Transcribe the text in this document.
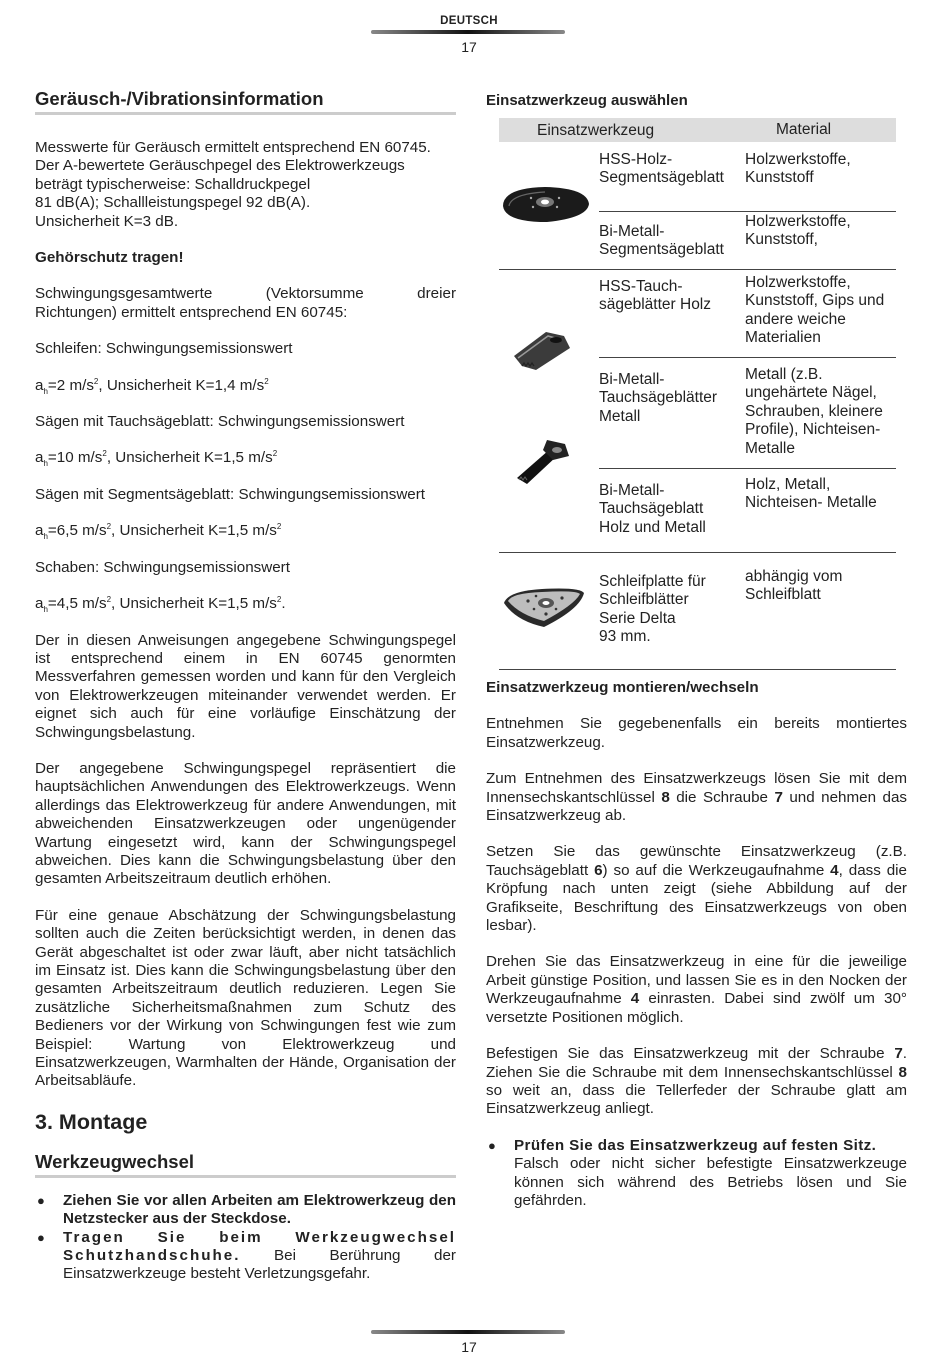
DEUTSCH
17
Geräusch-/Vibrationsinformation
Messwerte für Geräusch ermittelt entsprechend EN 60745.
Der A-bewertete Geräuschpegel des Elektrowerkzeugs
beträgt typischerweise: Schalldruckpegel
81 dB(A); Schallleistungspegel 92 dB(A).
Unsicherheit K=3 dB.
Gehörschutz tragen!
Schwingungsgesamtwerte (Vektorsumme dreier
Richtungen) ermittelt entsprechend EN 60745:
Schleifen: Schwingungsemissionswert
$a_h=2$ $m/s^2$, Unsicherheit K=1,4 $m/s^2$
Sägen mit Tauchsägeblatt: Schwingungsemissionswert
$a_h=10$ $m/s^2$, Unsicherheit K=1,5 $m/s^2$
Sägen mit Segmentsägeblatt: Schwingungsemissionswert
$a_h=6,5$ $m/s^2$, Unsicherheit K=1,5 $m/s^2$
Schaben: Schwingungsemissionswert
$a_h=4,5$ $m/s^2$, Unsicherheit K=1,5 $m/s^2$.

Der in diesen Anweisungen angegebene Schwingungspegel ist entsprechend einem in EN 60745 genormten Messverfahren gemessen worden und kann für den Vergleich von Elektrowerkzeugen miteinander verwendet werden. Er eignet sich auch für eine vorläufige Einschätzung der Schwingungsbelastung.

Der angegebene Schwingungspegel repräsentiert die hauptsächlichen Anwendungen des Elektrowerkzeugs. Wenn allerdings das Elektrowerkzeug für andere Anwendungen, mit abweichenden Einsatzwerkzeugen oder ungenügender Wartung eingesetzt wird, kann der Schwingungspegel abweichen. Dies kann die Schwingungsbelastung über den gesamten Arbeitszeitraum deutlich erhöhen.

Für eine genaue Abschätzung der Schwingungsbelastung sollten auch die Zeiten berücksichtigt werden, in denen das Gerät abgeschaltet ist oder zwar läuft, aber nicht tatsächlich im Einsatz ist. Dies kann die Schwingungsbelastung über den gesamten Arbeitszeitraum deutlich reduzieren. Legen Sie zusätzliche Sicherheitsmaßnahmen zum Schutz des Bedieners vor der Wirkung von Schwingungen fest wie zum Beispiel: Wartung von Elektrowerkzeug und Einsatzwerkzeugen, Warmhalten der Hände, Organisation der Arbeitsabläufe.

3. Montage
Werkzeugwechsel
● Ziehen Sie vor allen Arbeiten am Elektrowerkzeug den Netzstecker aus der Steckdose.
● Tragen Sie beim Werkzeugwechsel Schutzhandschuhe. Bei Berührung der Einsatzwerkzeuge besteht Verletzungsgefahr.
Einsatzwerkzeug auswählen
Einsatzwerkzeug	Material
HSS-Holz-
Segmentsägeblatt
Holzwerkstoffe,
Kunststoff
Bi-Metall-
Segmentsägeblatt
Holzwerkstoffe,
Kunststoff,
HSS-Tauch-
sägeblätter Holz
Holzwerkstoffe,
Kunststoff, Gips und
andere weiche
Materialien
Bi-Metall-
Tauchsägeblätter
Metall
Metall (z.B.
ungehärtete Nägel,
Schrauben, kleinere
Profile), Nichteisen-
Metalle
Bi-Metall-
Tauchsägeblatt
Holz und Metall
Holz, Metall,
Nichteisen- Metalle
Schleifplatte für
Schleifblätter
Serie Delta
93 mm.
abhängig vom
Schleifblatt
Einsatzwerkzeug montieren/wechseln

Entnehmen Sie gegebenenfalls ein bereits montiertes Einsatzwerkzeug.

Zum Entnehmen des Einsatzwerkzeugs lösen Sie mit dem Innensechskantschlüssel 8 die Schraube 7 und nehmen das Einsatzwerkzeug ab.

Setzen Sie das gewünschte Einsatzwerkzeug (z.B. Tauchsägeblatt 6) so auf die Werkzeugaufnahme 4, dass die Kröpfung nach unten zeigt (siehe Abbildung auf der Grafikseite, Beschriftung des Einsatzwerkzeugs von oben lesbar).

Drehen Sie das Einsatzwerkzeug in eine für die jeweilige Arbeit günstige Position, und lassen Sie es in den Nocken der Werkzeugaufnahme 4 einrasten. Dabei sind zwölf um 30° versetzte Positionen möglich.

Befestigen Sie das Einsatzwerkzeug mit der Schraube 7. Ziehen Sie die Schraube mit dem Innensechskantschlüssel 8 so weit an, dass die Tellerfeder der Schraube glatt am Einsatzwerkzeug anliegt.

● Prüfen Sie das Einsatzwerkzeug auf festen Sitz.
Falsch oder nicht sicher befestigte Einsatzwerkzeuge können sich während des Betriebs lösen und Sie gefährden.
17
